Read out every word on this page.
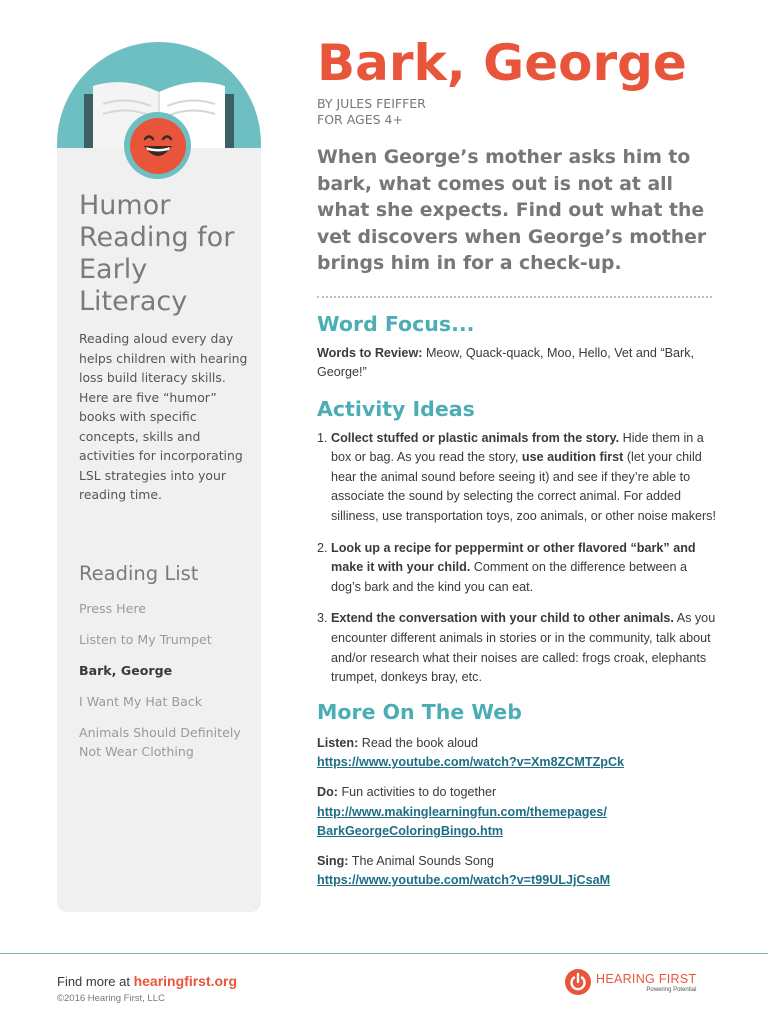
Humor Reading for Early Literacy
Reading aloud every day helps children with hearing loss build literacy skills. Here are five “humor” books with specific concepts, skills and activities for incorporating LSL strategies into your reading time.
Reading List
Press Here
Listen to My Trumpet
Bark, George
I Want My Hat Back
Animals Should Definitely Not Wear Clothing
Bark, George
BY JULES FEIFFER
FOR AGES 4+

When George’s mother asks him to bark, what comes out is not at all what she expects. Find out what the vet discovers when George’s mother brings him in for a check-up.

Word Focus...

Words to Review: Meow, Quack-quack, Moo, Hello, Vet and “Bark, George!”

Activity Ideas
1. Collect stuffed or plastic animals from the story. Hide them in a box or bag. As you read the story, use audition first (let your child hear the animal sound before seeing it) and see if they’re able to associate the sound by selecting the correct animal. For added silliness, use transportation toys, zoo animals, or other noise makers!
2. Look up a recipe for peppermint or other flavored “bark” and make it with your child. Comment on the difference between a dog’s bark and the kind you can eat.
3. Extend the conversation with your child to other animals. As you encounter different animals in stories or in the community, talk about and/or research what their noises are called: frogs croak, elephants trumpet, donkeys bray, etc.
More On The Web
Listen: Read the book aloud
https://www.youtube.com/watch?v=Xm8ZCMTZpCk
Do: Fun activities to do together
http://www.makinglearningfun.com/themepages/
BarkGeorgeColoringBingo.htm
Sing: The Animal Sounds Song
https://www.youtube.com/watch?v=t99ULJjCsaM
Find more at hearingfirst.org
©2016 Hearing First, LLC
HEARING FIRST
Powering Potential
